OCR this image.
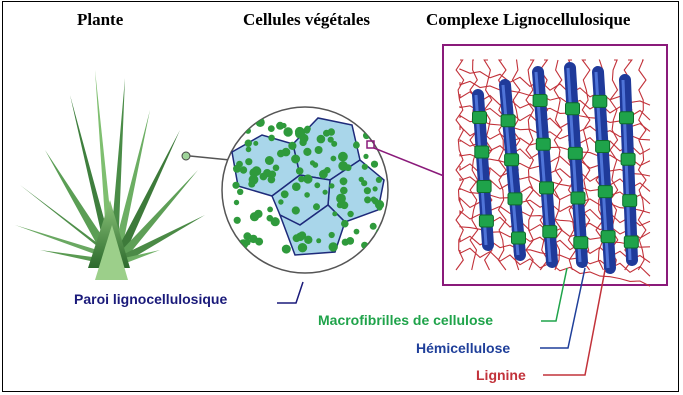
Plante	Cellules végétales	Complexe Lignocellulosique
Paroi lignocellulosique
Macrofibrilles de cellulose
Hémicellulose
Lignine
